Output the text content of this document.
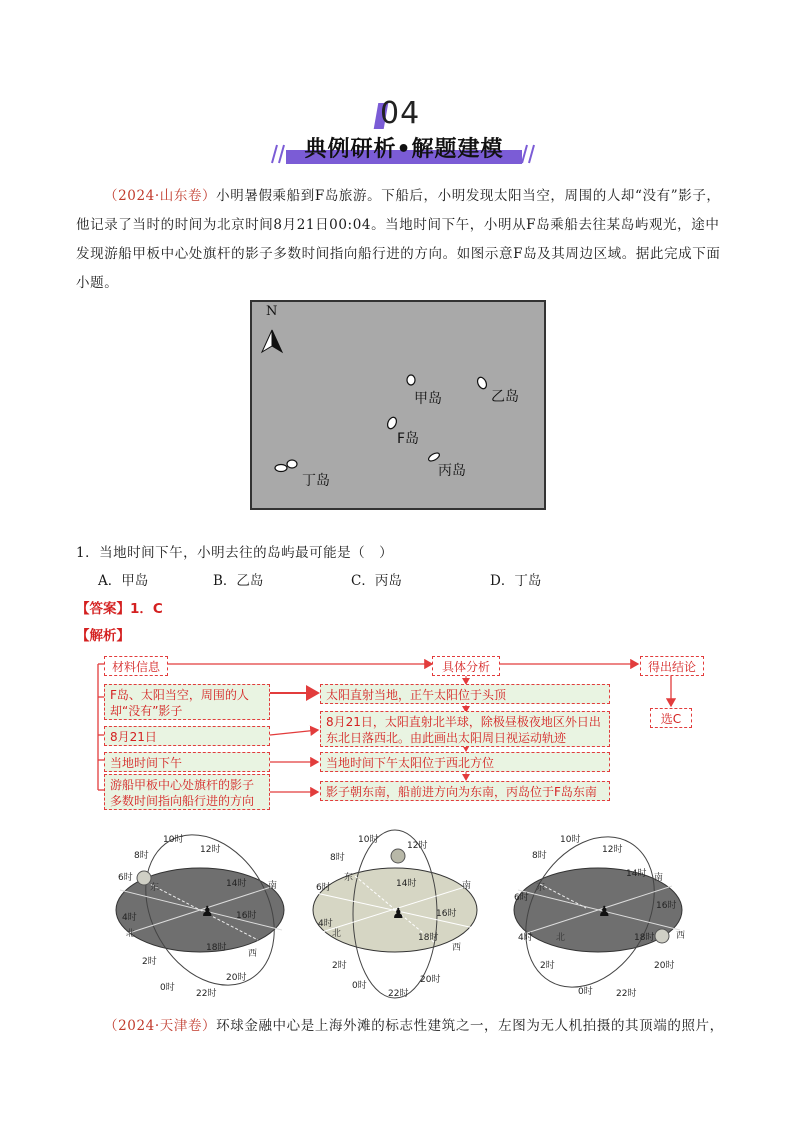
04
典例研析•解题建模
（2024·山东卷）小明暑假乘船到F岛旅游。下船后，小明发现太阳当空，周围的人却“没有”影子，
他记录了当时的时间为北京时间8月21日00:04。当地时间下午，小明从F岛乘船去往某岛屿观光，途中
发现游船甲板中心处旗杆的影子多数时间指向船行进的方向。如图示意F岛及其周边区域。据此完成下面
小题。
N
甲岛	乙岛
F岛
丙岛
丁岛
1．当地时间下午，小明去往的岛屿最可能是（　）
A．甲岛	B．乙岛	C．丙岛	D．丁岛
【答案】1．C
【解析】
材料信息	具体分析	得出结论
选C
F岛、太阳当空，周围的人却“没有”影子
8月21日
当地时间下午
游船甲板中心处旗杆的影子多数时间指向船行进的方向
太阳直射当地，正午太阳位于头顶
8月21日，太阳直射北半球，除极昼极夜地区外日出东北日落西北。由此画出太阳周日视运动轨迹
当地时间下午太阳位于西北方位
影子朝东南，船前进方向为东南，丙岛位于F岛东南
10时
12时
8时
6时
4时
14时
16时
18时
2时
20时
0时
22时
东	南
西
北
♟
10时
12时
8时
6时
4时
14时
16时
18时
2时
20时
0时
22时
东
南
西
北
♟
10时
12时
8时
6时
4时
14时
16时
18时
2时	20时
0时	22时
东
南
西
北
♟
（2024·天津卷）环球金融中心是上海外滩的标志性建筑之一，左图为无人机拍摄的其顶端的照片，
